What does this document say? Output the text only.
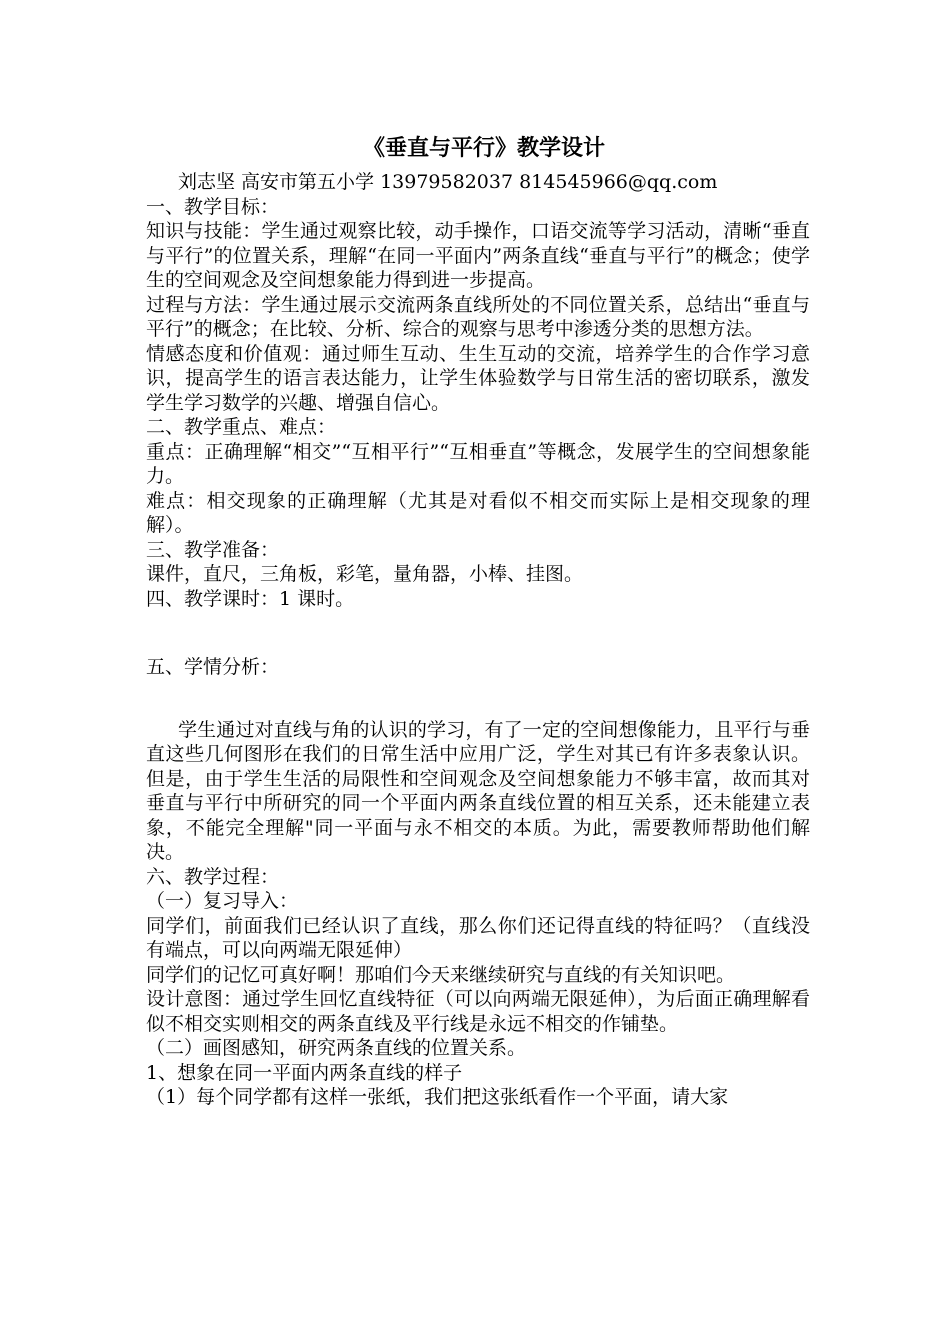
《垂直与平行》教学设计
刘志坚 高安市第五小学 13979582037 814545966@qq.com

一、教学目标：

知识与技能：学生通过观察比较，动手操作，口语交流等学习活动，清晰“垂直与平行”的位置关系，理解“在同一平面内”两条直线“垂直与平行”的概念；使学生的空间观念及空间想象能力得到进一步提高。

过程与方法：学生通过展示交流两条直线所处的不同位置关系，总结出“垂直与平行”的概念；在比较、分析、综合的观察与思考中渗透分类的思想方法。

情感态度和价值观：通过师生互动、生生互动的交流，培养学生的合作学习意识，提高学生的语言表达能力，让学生体验数学与日常生活的密切联系，激发学生学习数学的兴趣、增强自信心。

二、教学重点、难点：

重点：正确理解“相交”“互相平行”“互相垂直”等概念，发展学生的空间想象能力。

难点：相交现象的正确理解（尤其是对看似不相交而实际上是相交现象的理解）。

三、教学准备：

课件，直尺，三角板，彩笔，量角器，小棒、挂图。

四、教学课时：1 课时。

五、学情分析：

学生通过对直线与角的认识的学习，有了一定的空间想像能力，且平行与垂直这些几何图形在我们的日常生活中应用广泛，学生对其已有许多表象认识。但是，由于学生生活的局限性和空间观念及空间想象能力不够丰富，故而其对垂直与平行中所研究的同一个平面内两条直线位置的相互关系，还未能建立表象，不能完全理解"同一平面与永不相交的本质。为此，需要教师帮助他们解决。

六、教学过程：

（一）复习导入：

同学们，前面我们已经认识了直线，那么你们还记得直线的特征吗？（直线没有端点，可以向两端无限延伸）

同学们的记忆可真好啊！那咱们今天来继续研究与直线的有关知识吧。

设计意图：通过学生回忆直线特征（可以向两端无限延伸），为后面正确理解看似不相交实则相交的两条直线及平行线是永远不相交的作铺垫。

（二）画图感知，研究两条直线的位置关系。

1、想象在同一平面内两条直线的样子

（1）每个同学都有这样一张纸，我们把这张纸看作一个平面，请大家
